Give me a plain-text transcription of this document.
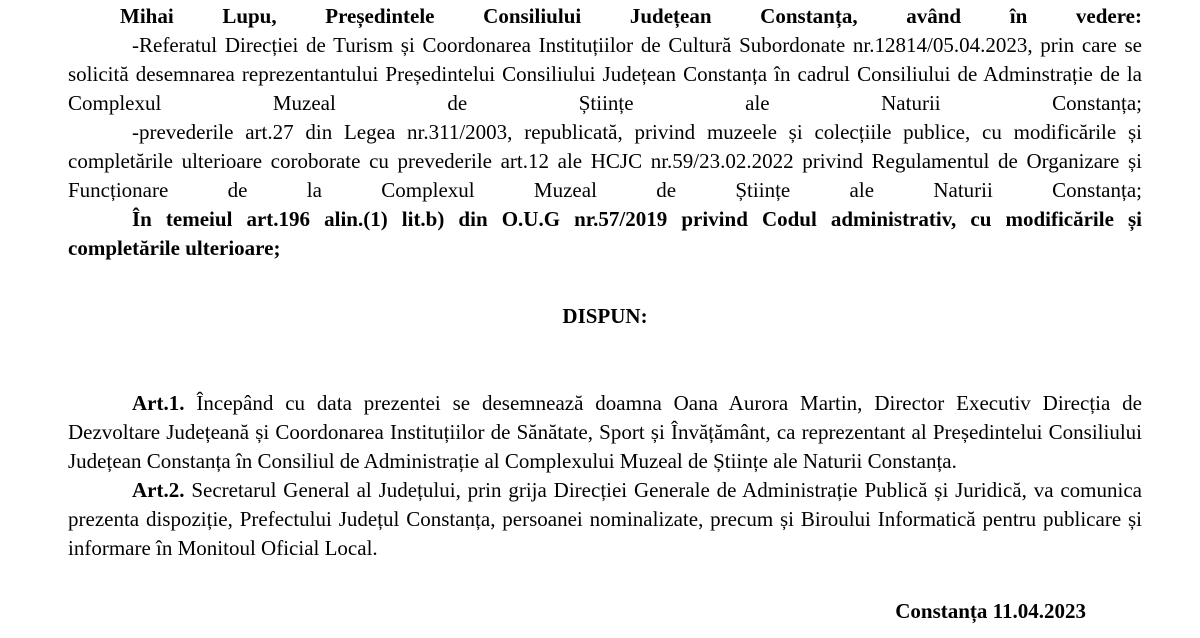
Mihai Lupu, Președintele Consiliului Județean Constanța, având în vedere:

-Referatul Direcției de Turism și Coordonarea Instituțiilor de Cultură Subordonate nr.12814/05.04.2023, prin care se solicită desemnarea reprezentantului Președintelui Consiliului Județean Constanța în cadrul Consiliului de Adminstrație de la Complexul Muzeal de Științe ale Naturii Constanța;

-prevederile art.27 din Legea nr.311/2003, republicată, privind muzeele și colecțiile publice, cu modificările și completările ulterioare coroborate cu prevederile art.12 ale HCJC nr.59/23.02.2022 privind Regulamentul de Organizare și Funcționare de la Complexul Muzeal de Științe ale Naturii Constanța;

În temeiul art.196 alin.(1) lit.b) din O.U.G nr.57/2019 privind Codul administrativ, cu modificările și completările ulterioare;

DISPUN:

Art.1. Începând cu data prezentei se desemnează doamna Oana Aurora Martin, Director Executiv Direcția de Dezvoltare Județeană și Coordonarea Instituțiilor de Sănătate, Sport și Învățământ, ca reprezentant al Președintelui Consiliului Județean Constanța în Consiliul de Administrație al Complexului Muzeal de Științe ale Naturii Constanța.

Art.2. Secretarul General al Județului, prin grija Direcției Generale de Administrație Publică și Juridică, va comunica prezenta dispoziție, Prefectului Județul Constanța, persoanei nominalizate, precum și Biroului Informatică pentru publicare și informare în Monitoul Oficial Local.

Constanța 11.04.2023
